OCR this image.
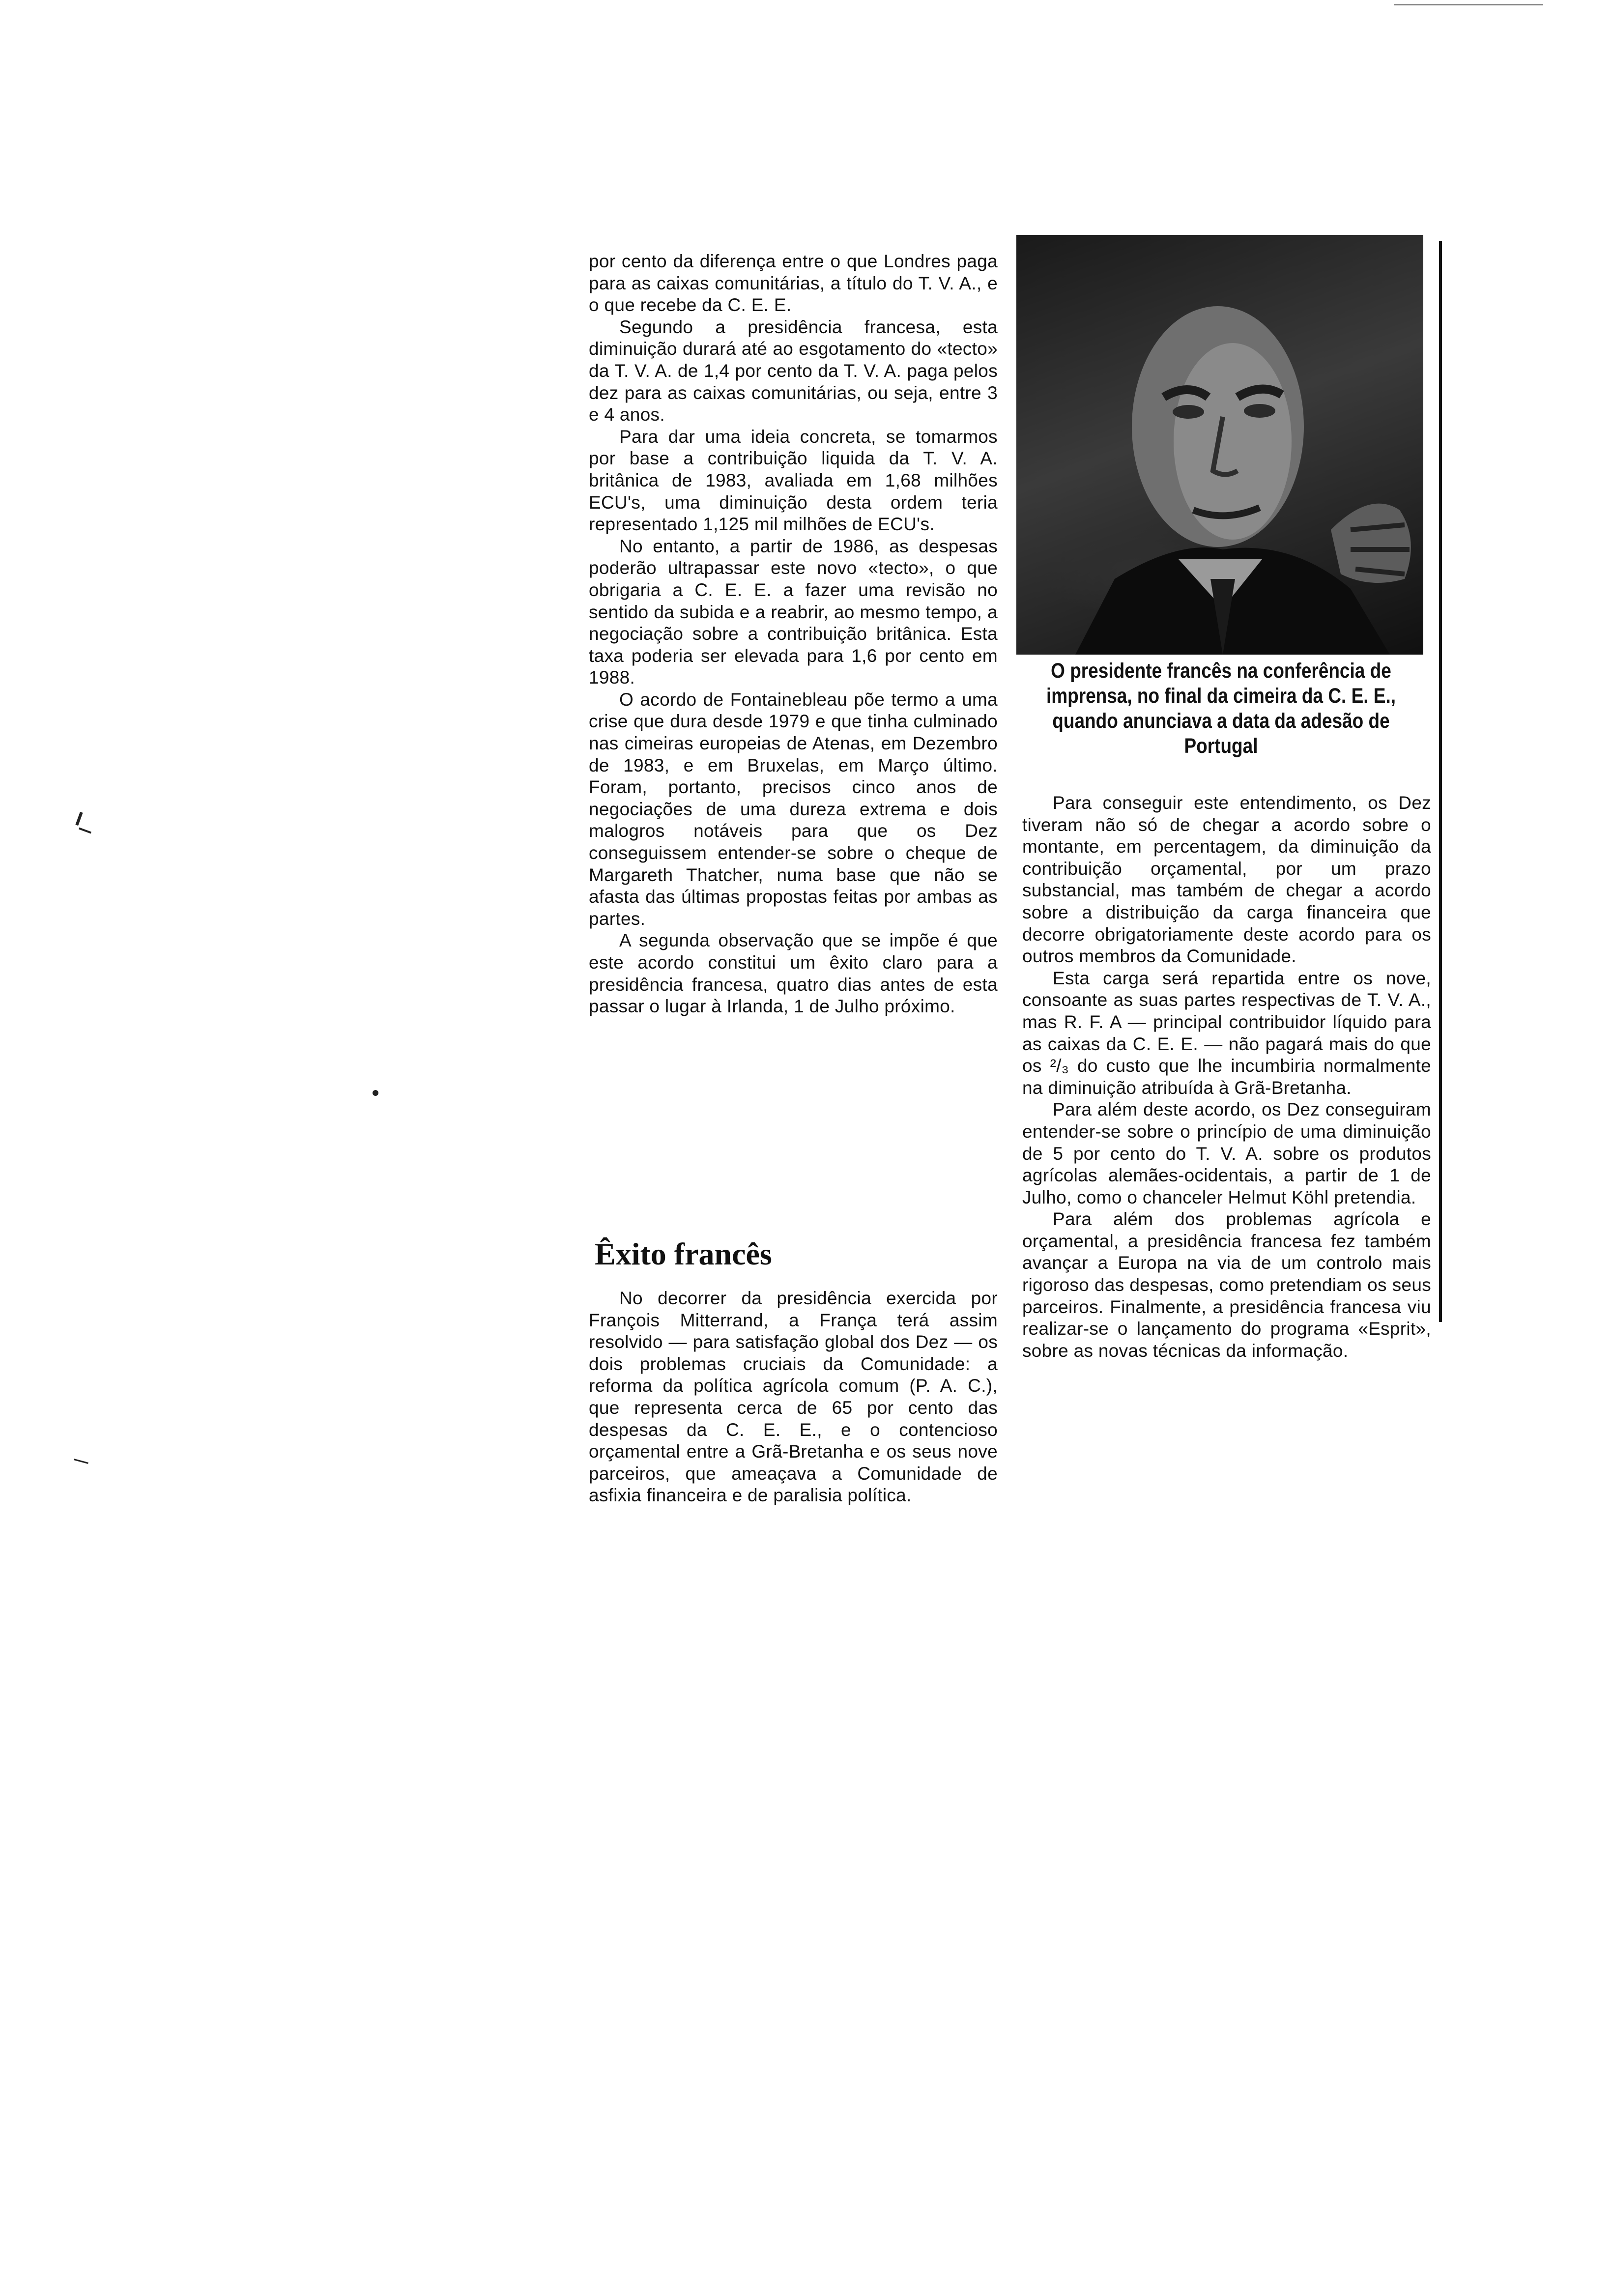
por cento da diferença entre o que Londres paga para as caixas comunitárias, a título do T. V. A., e o que recebe da C. E. E.

Segundo a presidência francesa, esta diminuição durará até ao esgotamento do «tecto» da T. V. A. de 1,4 por cento da T. V. A. paga pelos dez para as caixas comunitárias, ou seja, entre 3 e 4 anos.

Para dar uma ideia concreta, se tomarmos por base a contribuição liquida da T. V. A. britânica de 1983, avaliada em 1,68 milhões ECU's, uma diminuição desta ordem teria representado 1,125 mil milhões de ECU's.

No entanto, a partir de 1986, as despesas poderão ultrapassar este novo «tecto», o que obrigaria a C. E. E. a fazer uma revisão no sentido da subida e a reabrir, ao mesmo tempo, a negociação sobre a contribuição britânica. Esta taxa poderia ser elevada para 1,6 por cento em 1988.

O acordo de Fontainebleau põe termo a uma crise que dura desde 1979 e que tinha culminado nas cimeiras europeias de Atenas, em Dezembro de 1983, e em Bruxelas, em Março último. Foram, portanto, precisos cinco anos de negociações de uma dureza extrema e dois malogros notáveis para que os Dez conseguissem entender-se sobre o cheque de Margareth Thatcher, numa base que não se afasta das últimas propostas feitas por ambas as partes.

A segunda observação que se impõe é que este acordo constitui um êxito claro para a presidência francesa, quatro dias antes de esta passar o lugar à Irlanda, 1 de Julho próximo.

Êxito francês

No decorrer da presidência exercida por François Mitterrand, a França terá assim resolvido — para satisfação global dos Dez — os dois problemas cruciais da Comunidade: a reforma da política agrícola comum (P. A. C.), que representa cerca de 65 por cento das despesas da C. E. E., e o contencioso orçamental entre a Grã-Bretanha e os seus nove parceiros, que ameaçava a Comunidade de asfixia financeira e de paralisia política.

O presidente francês na conferência de imprensa, no final da cimeira da C. E. E., quando anunciava a data da adesão de Portugal

Para conseguir este entendimento, os Dez tiveram não só de chegar a acordo sobre o montante, em percentagem, da diminuição da contribuição orçamental, por um prazo substancial, mas também de chegar a acordo sobre a distribuição da carga financeira que decorre obrigatoriamente deste acordo para os outros membros da Comunidade.

Esta carga será repartida entre os nove, consoante as suas partes respectivas de T. V. A., mas R. F. A — principal contribuidor líquido para as caixas da C. E. E. — não pagará mais do que os ²/₃ do custo que lhe incumbiria normalmente na diminuição atribuída à Grã-Bretanha.

Para além deste acordo, os Dez conseguiram entender-se sobre o princípio de uma diminuição de 5 por cento do T. V. A. sobre os produtos agrícolas alemães-ocidentais, a partir de 1 de Julho, como o chanceler Helmut Köhl pretendia.

Para além dos problemas agrícola e orçamental, a presidência francesa fez também avançar a Europa na via de um controlo mais rigoroso das despesas, como pretendiam os seus parceiros. Finalmente, a presidência francesa viu realizar-se o lançamento do programa «Esprit», sobre as novas técnicas da informação.
